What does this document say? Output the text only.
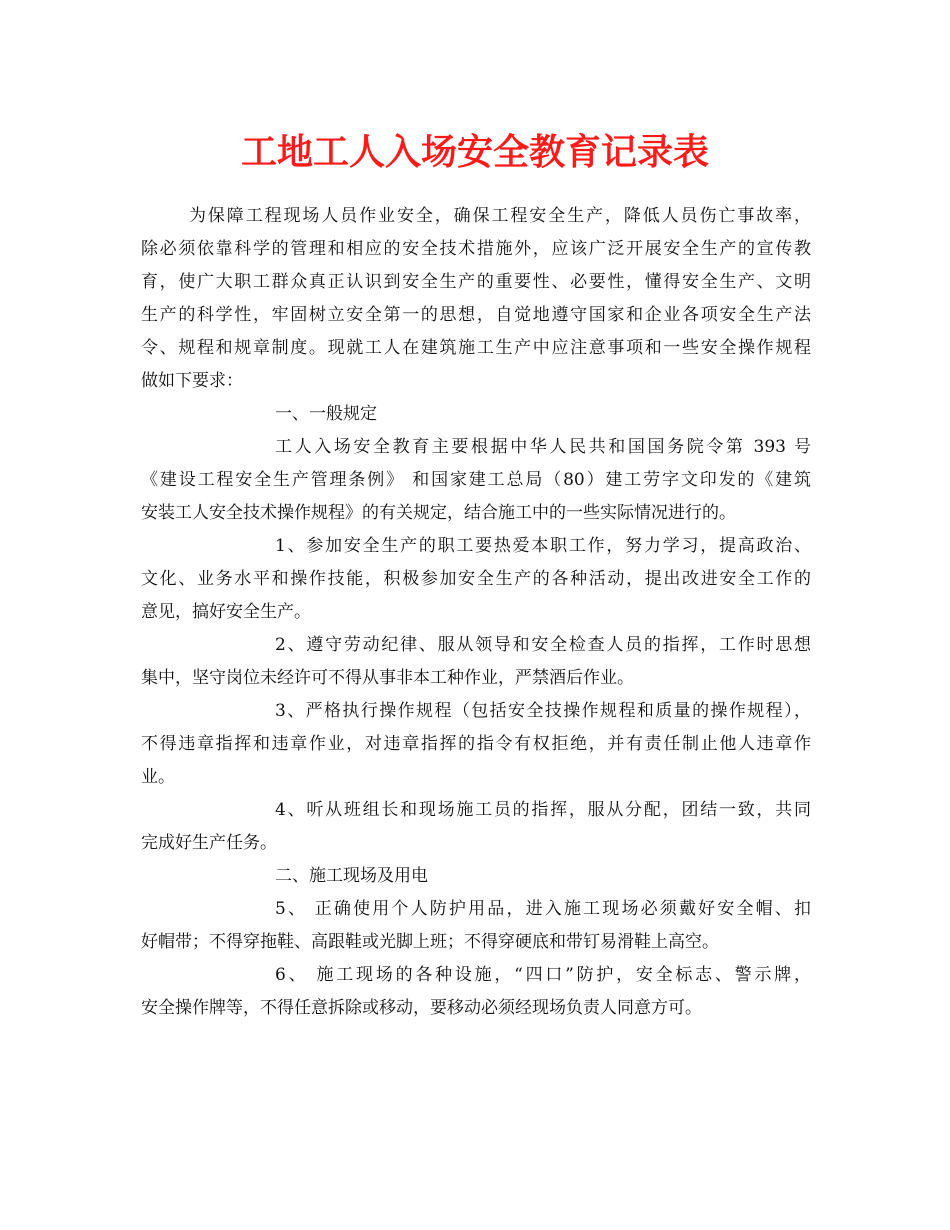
工地工人入场安全教育记录表
为保障工程现场人员作业安全，确保工程安全生产，降低人员伤亡事故率，
除必须依靠科学的管理和相应的安全技术措施外，应该广泛开展安全生产的宣传教
育，使广大职工群众真正认识到安全生产的重要性、必要性，懂得安全生产、文明
生产的科学性，牢固树立安全第一的思想，自觉地遵守国家和企业各项安全生产法
令、规程和规章制度。现就工人在建筑施工生产中应注意事项和一些安全操作规程
做如下要求：
一、一般规定
工人入场安全教育主要根据中华人民共和国国务院令第 393 号
《建设工程安全生产管理条例》 和国家建工总局（80）建工劳字文印发的《建筑
安装工人安全技术操作规程》的有关规定，结合施工中的一些实际情况进行的。
1、参加安全生产的职工要热爱本职工作，努力学习，提高政治、
文化、业务水平和操作技能，积极参加安全生产的各种活动，提出改进安全工作的
意见，搞好安全生产。
2、遵守劳动纪律、服从领导和安全检查人员的指挥，工作时思想
集中，坚守岗位未经许可不得从事非本工种作业，严禁酒后作业。
3、严格执行操作规程（包括安全技操作规程和质量的操作规程），
不得违章指挥和违章作业，对违章指挥的指令有权拒绝，并有责任制止他人违章作
业。
4、听从班组长和现场施工员的指挥，服从分配，团结一致，共同
完成好生产任务。
二、施工现场及用电
5、 正确使用个人防护用品，进入施工现场必须戴好安全帽、扣
好帽带；不得穿拖鞋、高跟鞋或光脚上班；不得穿硬底和带钉易滑鞋上高空。
6、 施工现场的各种设施，“四口”防护，安全标志、警示牌，
安全操作牌等，不得任意拆除或移动，要移动必须经现场负责人同意方可。
